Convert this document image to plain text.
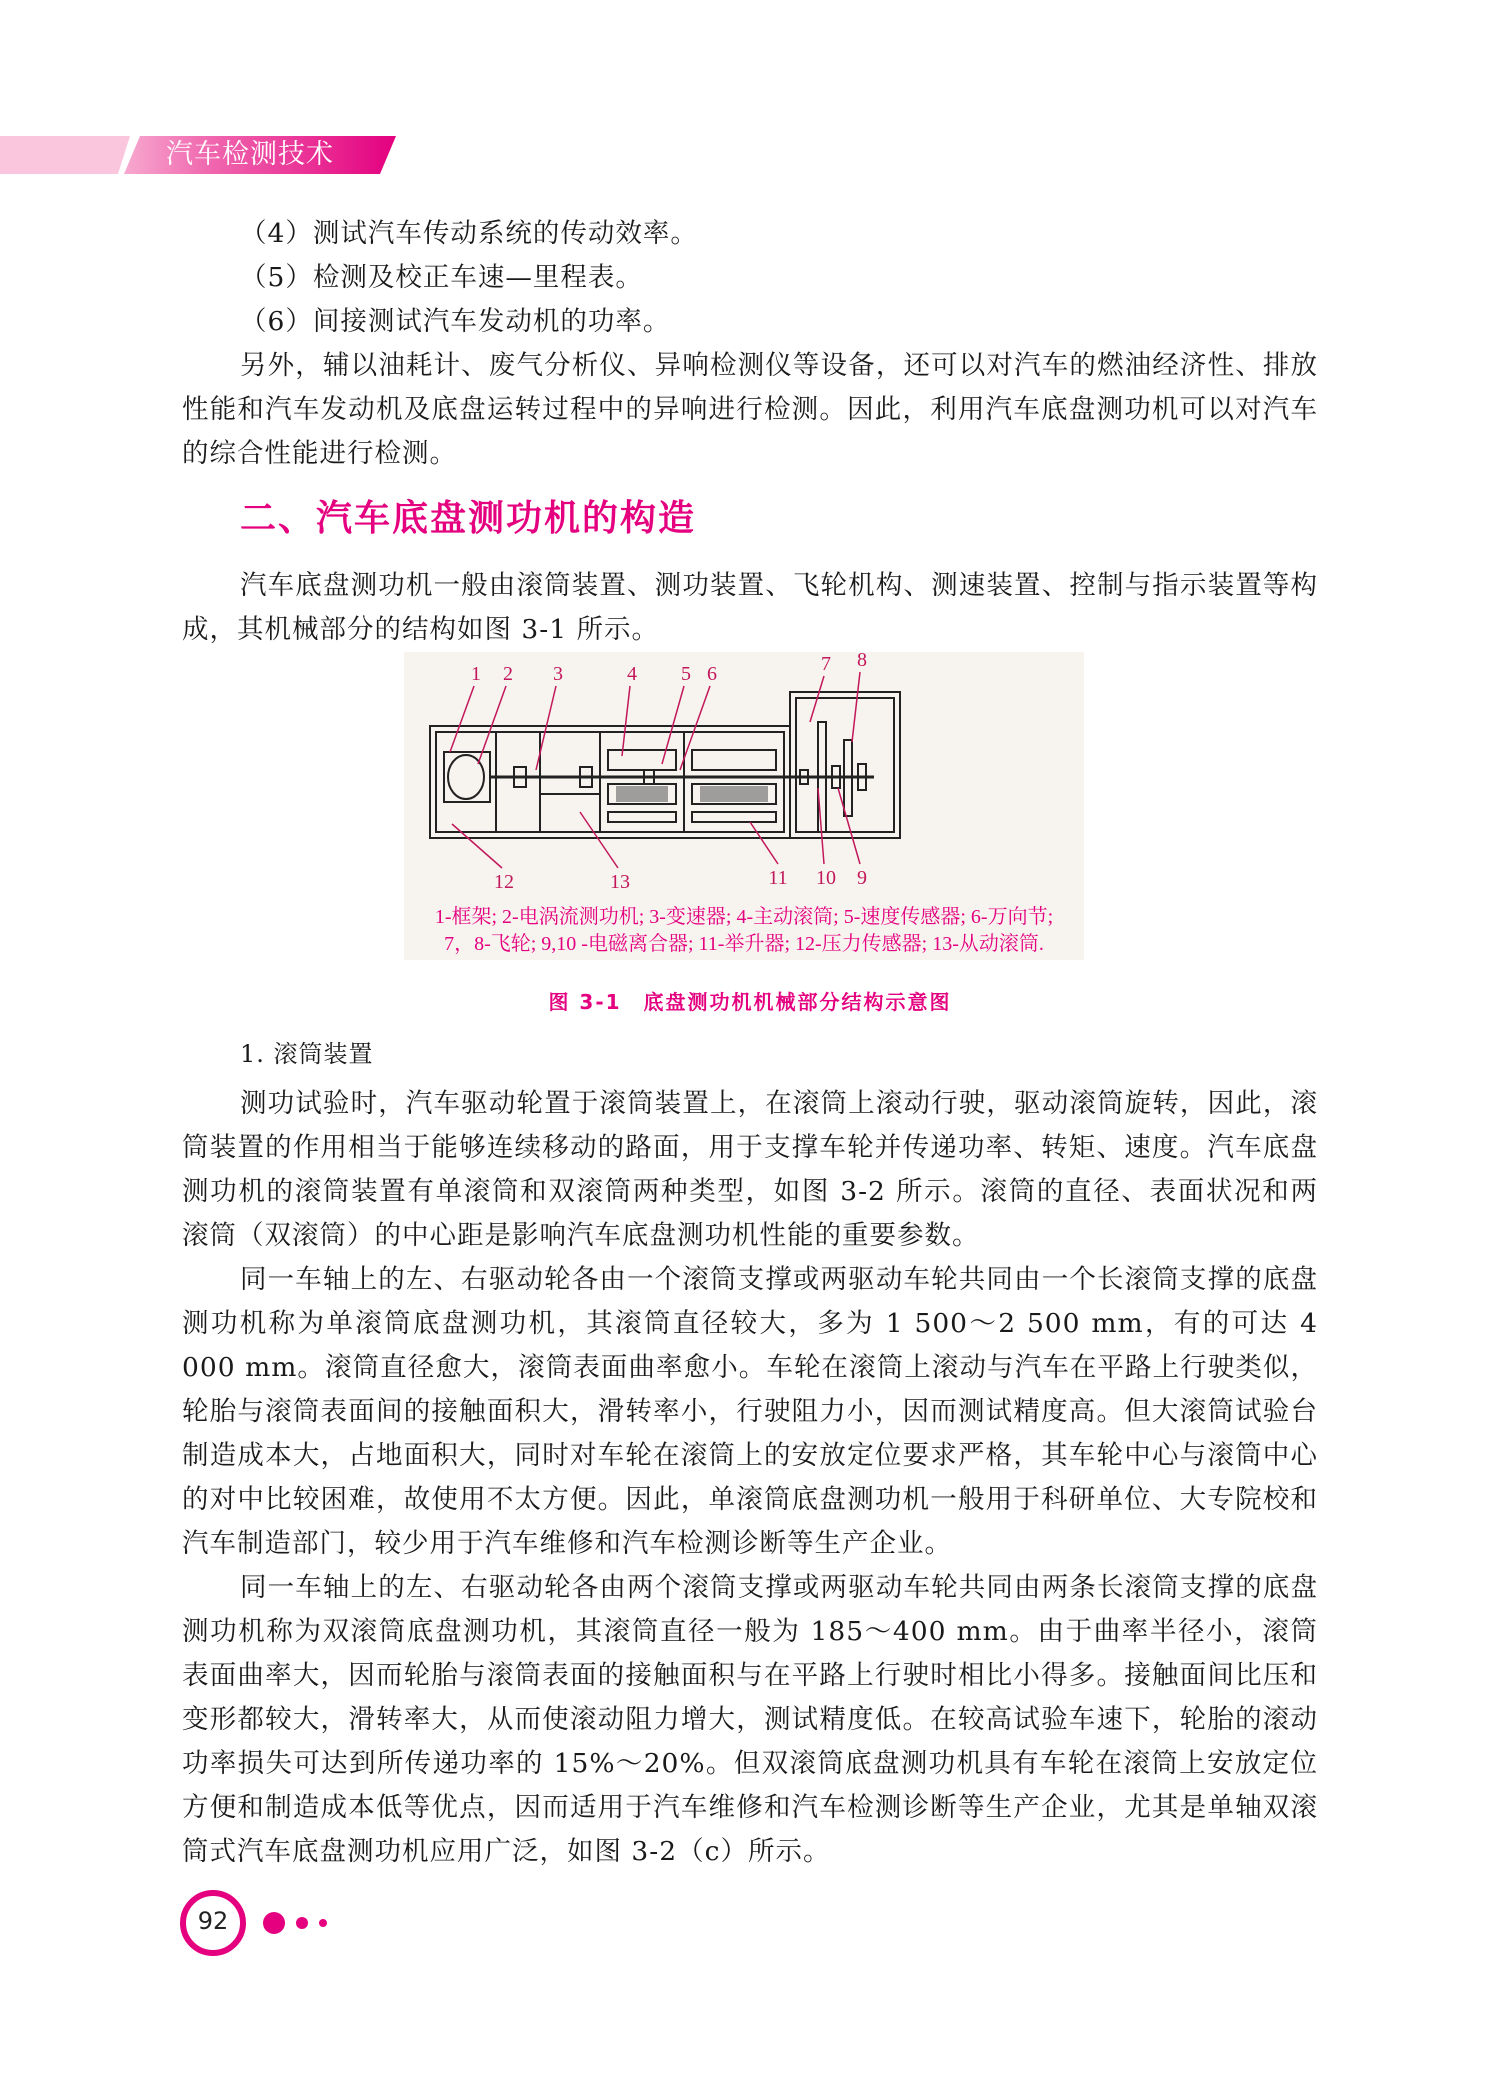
汽车检测技术

（4）测试汽车传动系统的传动效率。

（5）检测及校正车速—里程表。

（6）间接测试汽车发动机的功率。

另外，辅以油耗计、废气分析仪、异响检测仪等设备，还可以对汽车的燃油经济性、排放性能和汽车发动机及底盘运转过程中的异响进行检测。因此，利用汽车底盘测功机可以对汽车的综合性能进行检测。

二、汽车底盘测功机的构造

汽车底盘测功机一般由滚筒装置、测功装置、飞轮机构、测速装置、控制与指示装置等构成，其机械部分的结构如图 3-1 所示。

1 2 3	4 5 6	7 8
12	13	11 10 9
1-框架; 2-电涡流测功机; 3-变速器; 4-主动滚筒; 5-速度传感器; 6-万向节;
7，8-飞轮; 9,10 -电磁离合器; 11-举升器; 12-压力传感器; 13-从动滚筒.
图 3-1　底盘测功机机械部分结构示意图

1. 滚筒装置

测功试验时，汽车驱动轮置于滚筒装置上，在滚筒上滚动行驶，驱动滚筒旋转，因此，滚筒装置的作用相当于能够连续移动的路面，用于支撑车轮并传递功率、转矩、速度。汽车底盘测功机的滚筒装置有单滚筒和双滚筒两种类型，如图 3-2 所示。滚筒的直径、表面状况和两滚筒（双滚筒）的中心距是影响汽车底盘测功机性能的重要参数。

同一车轴上的左、右驱动轮各由一个滚筒支撑或两驱动车轮共同由一个长滚筒支撑的底盘测功机称为单滚筒底盘测功机，其滚筒直径较大，多为 1 500～2 500 mm，有的可达 4 000 mm。滚筒直径愈大，滚筒表面曲率愈小。车轮在滚筒上滚动与汽车在平路上行驶类似，轮胎与滚筒表面间的接触面积大，滑转率小，行驶阻力小，因而测试精度高。但大滚筒试验台制造成本大，占地面积大，同时对车轮在滚筒上的安放定位要求严格，其车轮中心与滚筒中心的对中比较困难，故使用不太方便。因此，单滚筒底盘测功机一般用于科研单位、大专院校和汽车制造部门，较少用于汽车维修和汽车检测诊断等生产企业。

同一车轴上的左、右驱动轮各由两个滚筒支撑或两驱动车轮共同由两条长滚筒支撑的底盘测功机称为双滚筒底盘测功机，其滚筒直径一般为 185～400 mm。由于曲率半径小，滚筒表面曲率大，因而轮胎与滚筒表面的接触面积与在平路上行驶时相比小得多。接触面间比压和变形都较大，滑转率大，从而使滚动阻力增大，测试精度低。在较高试验车速下，轮胎的滚动功率损失可达到所传递功率的 15%～20%。但双滚筒底盘测功机具有车轮在滚筒上安放定位方便和制造成本低等优点，因而适用于汽车维修和汽车检测诊断等生产企业，尤其是单轴双滚筒式汽车底盘测功机应用广泛，如图 3-2（c）所示。

92
